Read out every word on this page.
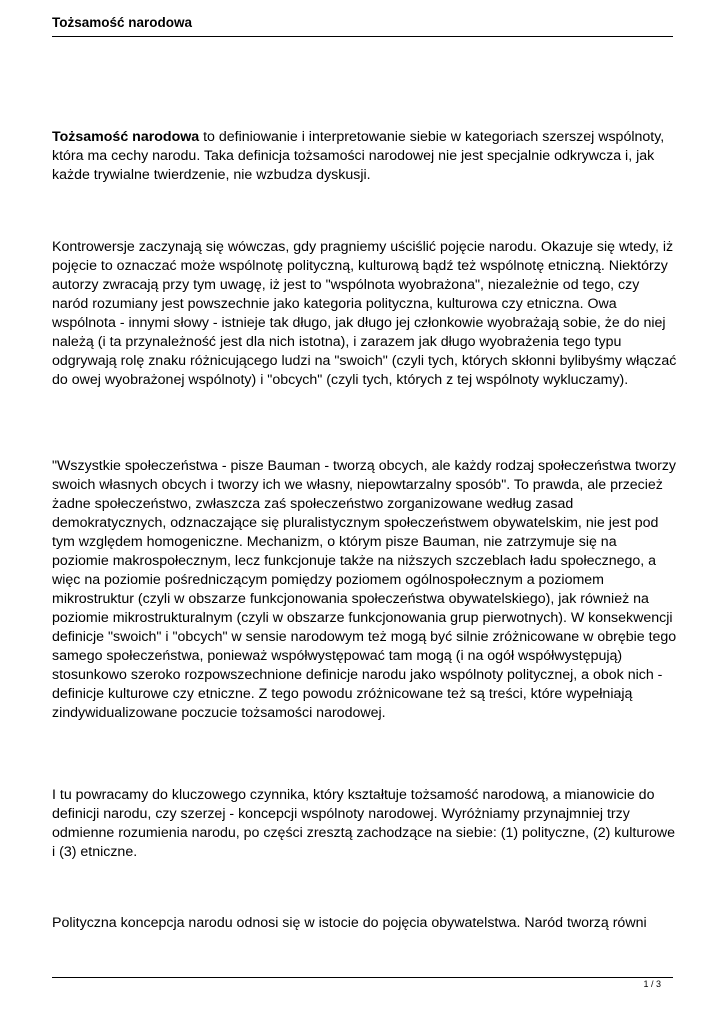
Tożsamość narodowa

Tożsamość narodowa to definiowanie i interpretowanie siebie w kategoriach szerszej wspólnoty, która ma cechy narodu. Taka definicja tożsamości narodowej nie jest specjalnie odkrywcza i, jak każde trywialne twierdzenie, nie wzbudza dyskusji.

Kontrowersje zaczynają się wówczas, gdy pragniemy uściślić pojęcie narodu. Okazuje się wtedy, iż pojęcie to oznaczać może wspólnotę polityczną, kulturową bądź też wspólnotę etniczną. Niektórzy autorzy zwracają przy tym uwagę, iż jest to "wspólnota wyobrażona", niezależnie od tego, czy naród rozumiany jest powszechnie jako kategoria polityczna, kulturowa czy etniczna. Owa wspólnota - innymi słowy - istnieje tak długo, jak długo jej członkowie wyobrażają sobie, że do niej należą (i ta przynależność jest dla nich istotna), i zarazem jak długo wyobrażenia tego typu odgrywają rolę znaku różnicującego ludzi na "swoich" (czyli tych, których skłonni bylibyśmy włączać do owej wyobrażonej wspólnoty) i "obcych" (czyli tych, których z tej wspólnoty wykluczamy).

"Wszystkie społeczeństwa - pisze Bauman - tworzą obcych, ale każdy rodzaj społeczeństwa tworzy swoich własnych obcych i tworzy ich we własny, niepowtarzalny sposób". To prawda, ale przecież żadne społeczeństwo, zwłaszcza zaś społeczeństwo zorganizowane według zasad demokratycznych, odznaczające się pluralistycznym społeczeństwem obywatelskim, nie jest pod tym względem homogeniczne. Mechanizm, o którym pisze Bauman, nie zatrzymuje się na poziomie makrospołecznym, lecz funkcjonuje także na niższych szczeblach ładu społecznego, a więc na poziomie pośredniczącym pomiędzy poziomem ogólnospołecznym a poziomem mikrostruktur (czyli w obszarze funkcjonowania społeczeństwa obywatelskiego), jak również na poziomie mikrostrukturalnym (czyli w obszarze funkcjonowania grup pierwotnych). W konsekwencji definicje "swoich" i "obcych" w sensie narodowym też mogą być silnie zróżnicowane w obrębie tego samego społeczeństwa, ponieważ współwystępować tam mogą (i na ogół współwystępują) stosunkowo szeroko rozpowszechnione definicje narodu jako wspólnoty politycznej, a obok nich - definicje kulturowe czy etniczne. Z tego powodu zróżnicowane też są treści, które wypełniają zindywidualizowane poczucie tożsamości narodowej.

I tu powracamy do kluczowego czynnika, który kształtuje tożsamość narodową, a mianowicie do definicji narodu, czy szerzej - koncepcji wspólnoty narodowej. Wyróżniamy przynajmniej trzy odmienne rozumienia narodu, po części zresztą zachodzące na siebie: (1) polityczne, (2) kulturowe i (3) etniczne.

Polityczna koncepcja narodu odnosi się w istocie do pojęcia obywatelstwa. Naród tworzą równi

1 / 3
